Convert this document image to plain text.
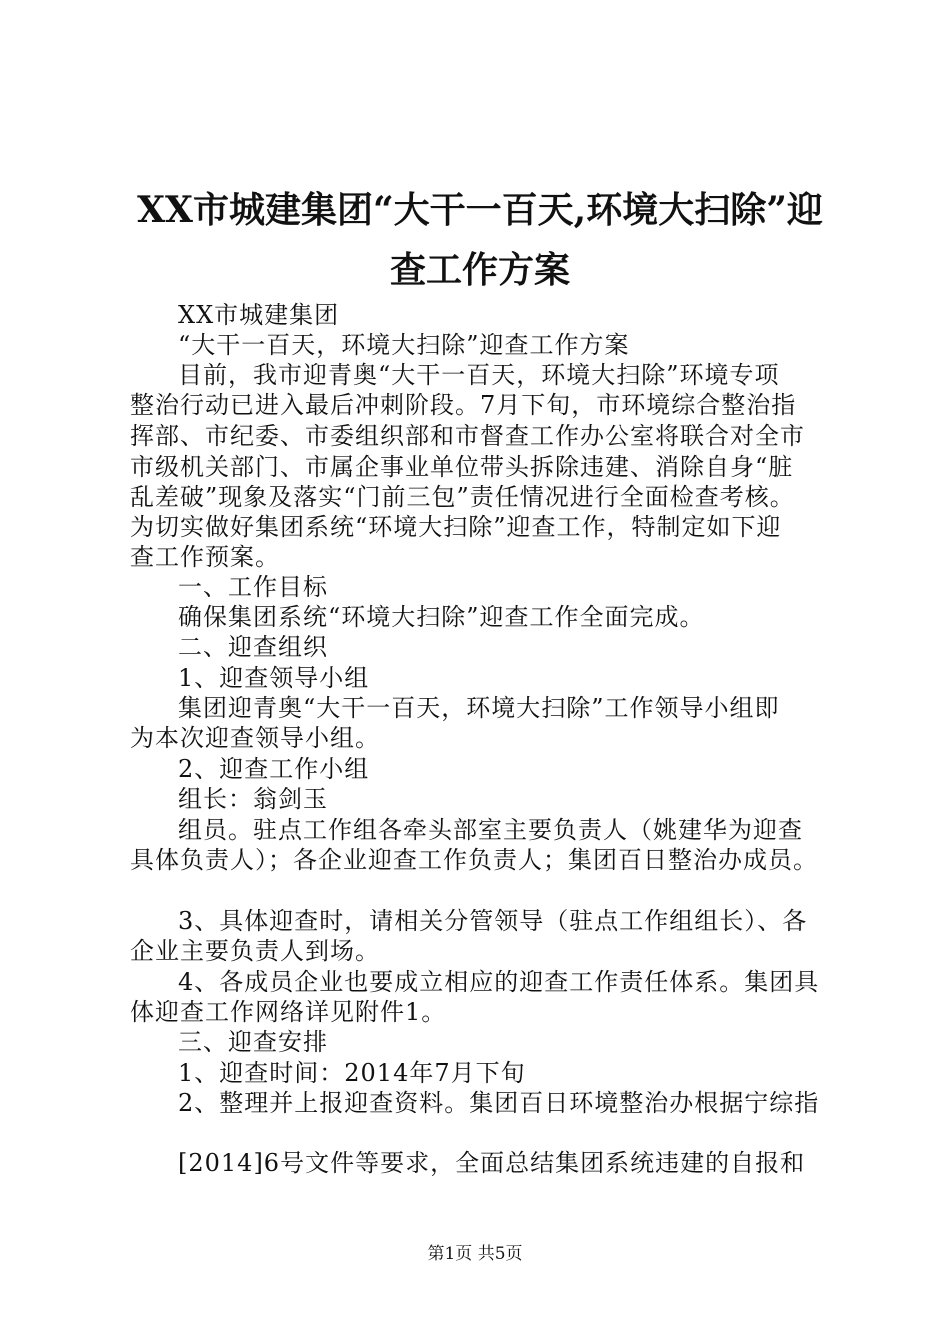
XX市城建集团“大干一百天,环境大扫除”迎
查工作方案
XX市城建集团
“大干一百天，环境大扫除”迎查工作方案
目前，我市迎青奥“大干一百天，环境大扫除”环境专项
整治行动已进入最后冲刺阶段。7月下旬，市环境综合整治指
挥部、市纪委、市委组织部和市督查工作办公室将联合对全市
市级机关部门、市属企事业单位带头拆除违建、消除自身“脏
乱差破”现象及落实“门前三包”责任情况进行全面检查考核。
为切实做好集团系统“环境大扫除”迎查工作，特制定如下迎
查工作预案。
一、工作目标
确保集团系统“环境大扫除”迎查工作全面完成。
二、迎查组织
1、迎查领导小组
集团迎青奥“大干一百天，环境大扫除”工作领导小组即
为本次迎查领导小组。
2、迎查工作小组
组长：翁剑玉
组员。驻点工作组各牵头部室主要负责人（姚建华为迎查
具体负责人）；各企业迎查工作负责人；集团百日整治办成员。
3、具体迎查时，请相关分管领导（驻点工作组组长）、各
企业主要负责人到场。
4、各成员企业也要成立相应的迎查工作责任体系。集团具
体迎查工作网络详见附件1。
三、迎查安排
1、迎查时间：2014年7月下旬
2、整理并上报迎查资料。集团百日环境整治办根据宁综指
[2014]6号文件等要求，全面总结集团系统违建的自报和
第1页 共5页
